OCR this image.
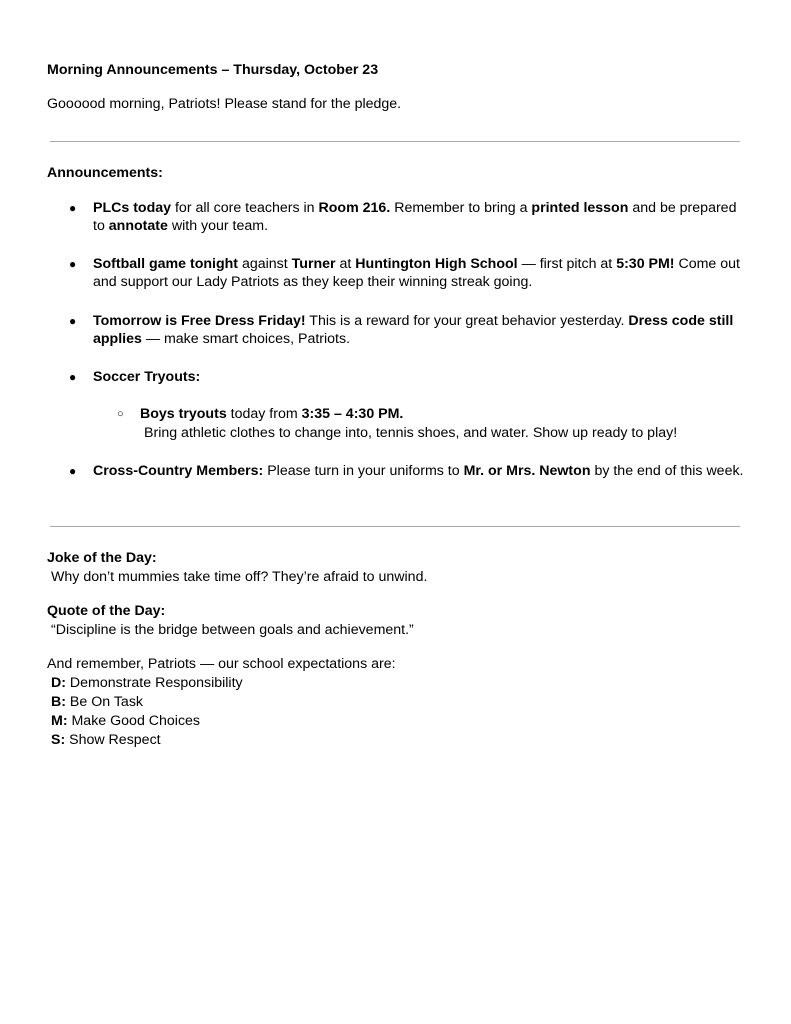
Morning Announcements – Thursday, October 23
Goooood morning, Patriots! Please stand for the pledge.
Announcements:
● PLCs today for all core teachers in Room 216. Remember to bring a printed lesson and be prepared
to annotate with your team.
● Softball game tonight against Turner at Huntington High School — first pitch at 5:30 PM! Come out
and support our Lady Patriots as they keep their winning streak going.
● Tomorrow is Free Dress Friday! This is a reward for your great behavior yesterday. Dress code still
applies — make smart choices, Patriots.
● Soccer Tryouts:
○ Boys tryouts today from 3:35 – 4:30 PM.
Bring athletic clothes to change into, tennis shoes, and water. Show up ready to play!
● Cross-Country Members: Please turn in your uniforms to Mr. or Mrs. Newton by the end of this week.
Joke of the Day:
Why don’t mummies take time off? They’re afraid to unwind.
Quote of the Day:
“Discipline is the bridge between goals and achievement.”
And remember, Patriots — our school expectations are:
D: Demonstrate Responsibility
B: Be On Task
M: Make Good Choices
S: Show Respect
